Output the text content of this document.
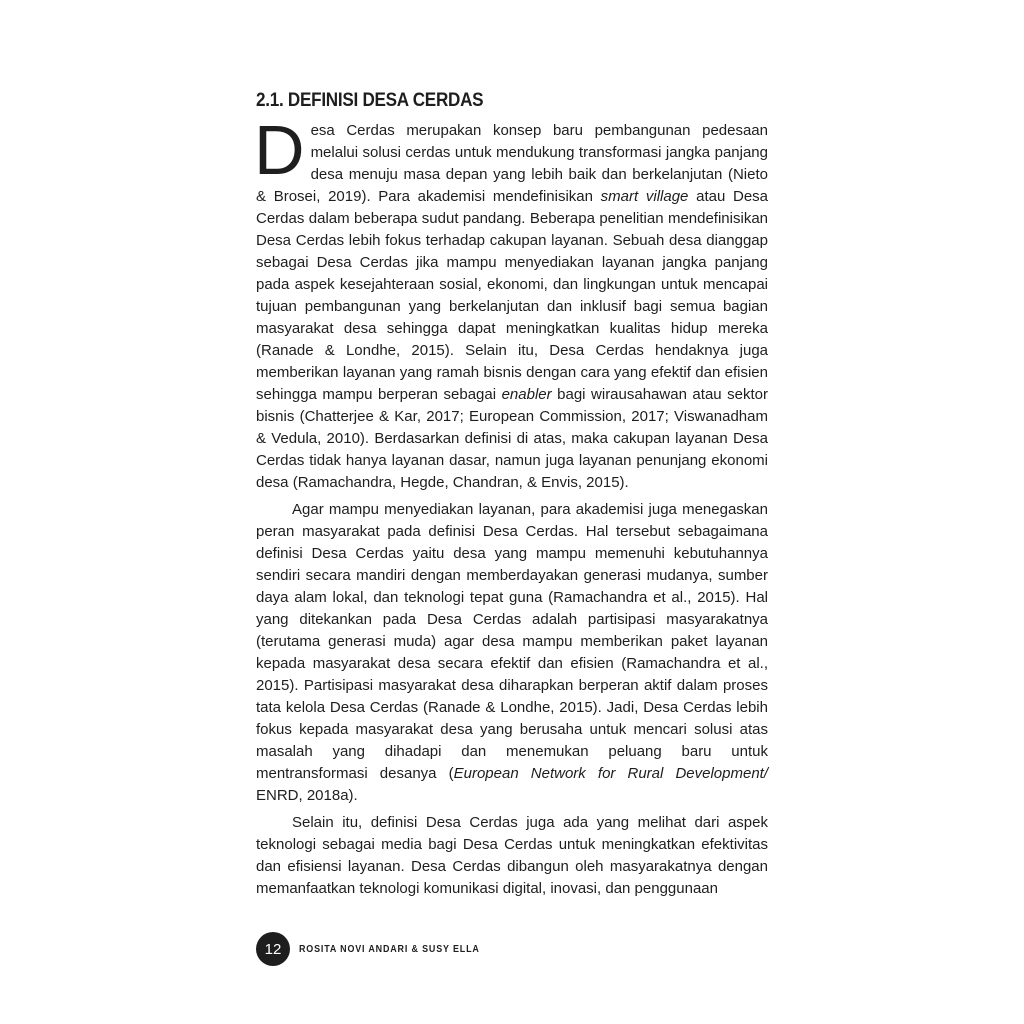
2.1. DEFINISI DESA CERDAS

Desa Cerdas merupakan konsep baru pembangunan pedesaan melalui solusi cerdas untuk mendukung transformasi jangka panjang desa menuju masa depan yang lebih baik dan berkelanjutan (Nieto & Brosei, 2019). Para akademisi mendefinisikan smart village atau Desa Cerdas dalam beberapa sudut pandang. Beberapa penelitian mendefinisikan Desa Cerdas lebih fokus terhadap cakupan layanan. Sebuah desa dianggap sebagai Desa Cerdas jika mampu menyediakan layanan jangka panjang pada aspek kesejahteraan sosial, ekonomi, dan lingkungan untuk mencapai tujuan pembangunan yang berkelanjutan dan inklusif bagi semua bagian masyarakat desa sehingga dapat meningkatkan kualitas hidup mereka (Ranade & Londhe, 2015). Selain itu, Desa Cerdas hendaknya juga memberikan layanan yang ramah bisnis dengan cara yang efektif dan efisien sehingga mampu berperan sebagai enabler bagi wirausahawan atau sektor bisnis (Chatterjee & Kar, 2017; European Commission, 2017; Viswanadham & Vedula, 2010). Berdasarkan definisi di atas, maka cakupan layanan Desa Cerdas tidak hanya layanan dasar, namun juga layanan penunjang ekonomi desa (Ramachandra, Hegde, Chandran, & Envis, 2015).

Agar mampu menyediakan layanan, para akademisi juga menegaskan peran masyarakat pada definisi Desa Cerdas. Hal tersebut sebagaimana definisi Desa Cerdas yaitu desa yang mampu memenuhi kebutuhannya sendiri secara mandiri dengan memberdayakan generasi mudanya, sumber daya alam lokal, dan teknologi tepat guna (Ramachandra et al., 2015). Hal yang ditekankan pada Desa Cerdas adalah partisipasi masyarakatnya (terutama generasi muda) agar desa mampu memberikan paket layanan kepada masyarakat desa secara efektif dan efisien (Ramachandra et al., 2015). Partisipasi masyarakat desa diharapkan berperan aktif dalam proses tata kelola Desa Cerdas (Ranade & Londhe, 2015). Jadi, Desa Cerdas lebih fokus kepada masyarakat desa yang berusaha untuk mencari solusi atas masalah yang dihadapi dan menemukan peluang baru untuk mentransformasi desanya (European Network for Rural Development/ ENRD, 2018a).

Selain itu, definisi Desa Cerdas juga ada yang melihat dari aspek teknologi sebagai media bagi Desa Cerdas untuk meningkatkan efektivitas dan efisiensi layanan. Desa Cerdas dibangun oleh masyarakatnya dengan memanfaatkan teknologi komunikasi digital, inovasi, dan penggunaan

12	ROSITA NOVI ANDARI & SUSY ELLA
